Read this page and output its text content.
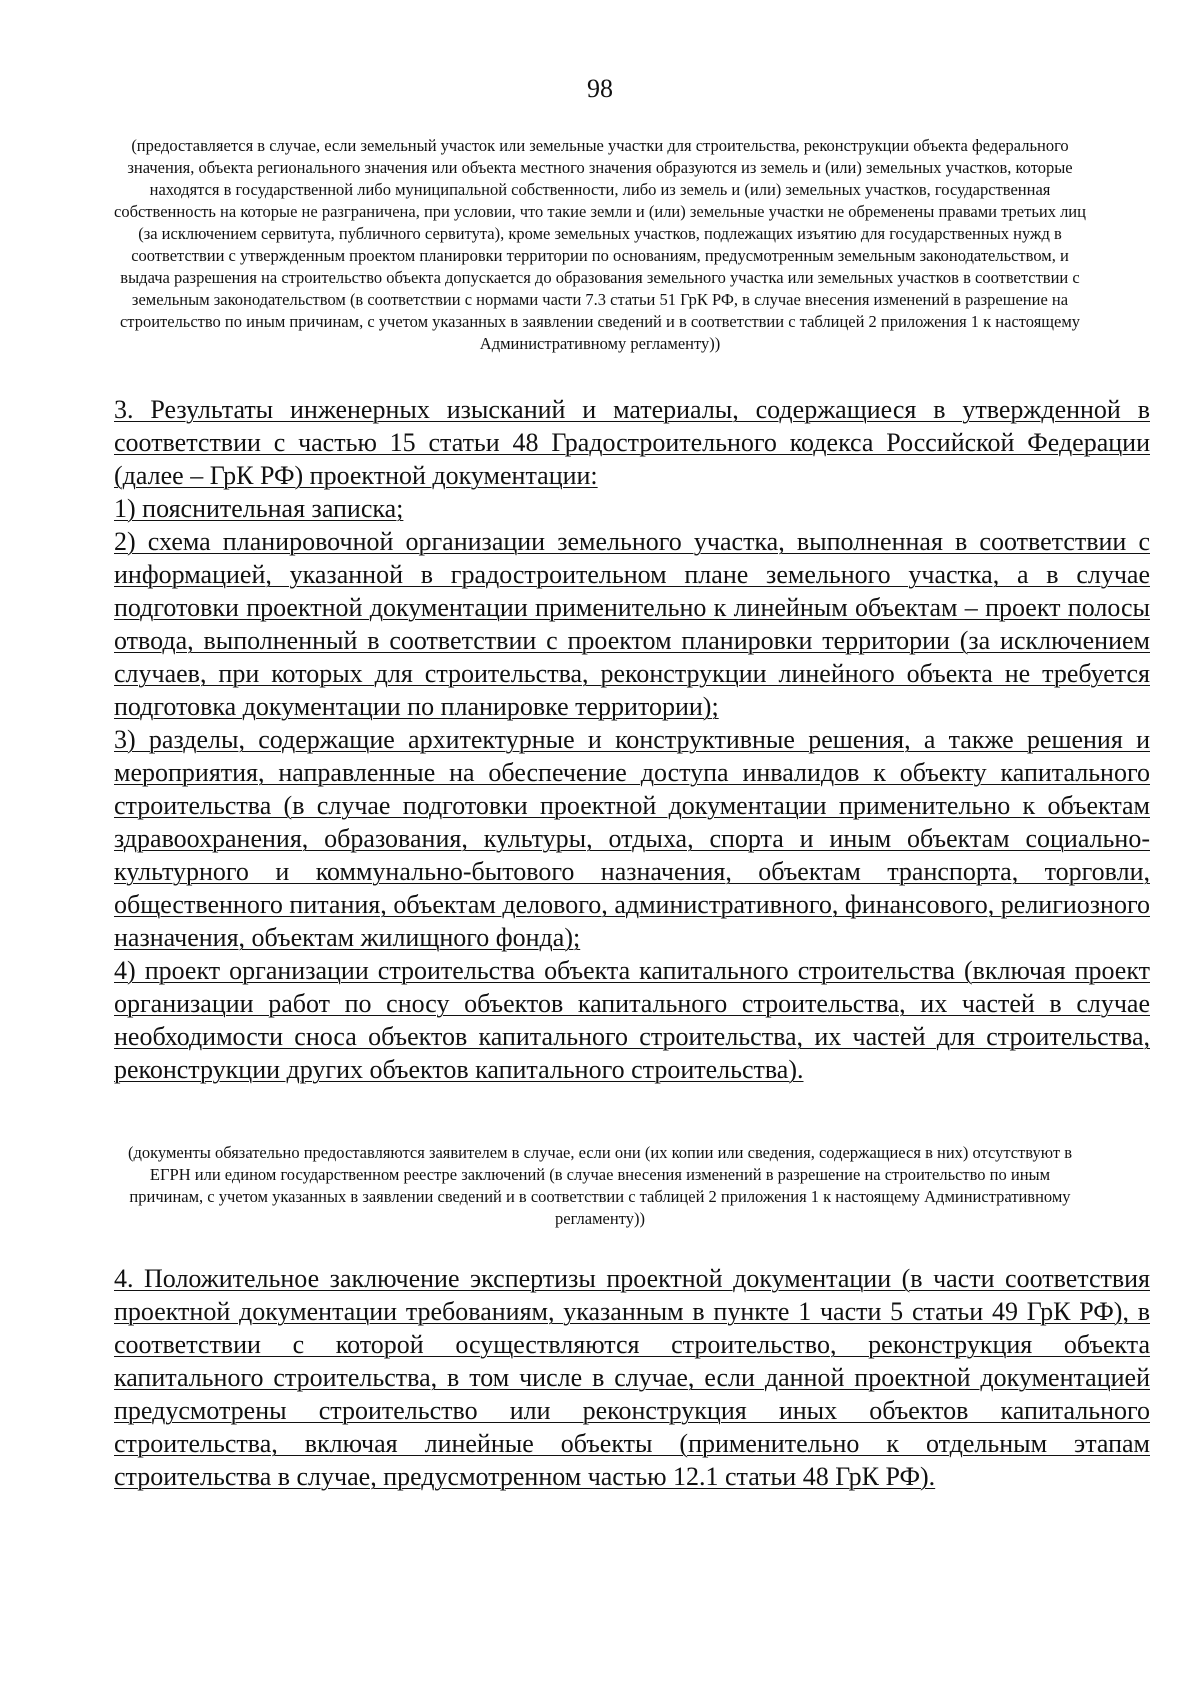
98
(предоставляется в случае, если земельный участок или земельные участки для строительства, реконструкции объекта федерального значения, объекта регионального значения или объекта местного значения образуются из земель и (или) земельных участков, которые находятся в государственной либо муниципальной собственности, либо из земель и (или) земельных участков, государственная собственность на которые не разграничена, при условии, что такие земли и (или) земельные участки не обременены правами третьих лиц (за исключением сервитута, публичного сервитута), кроме земельных участков, подлежащих изъятию для государственных нужд в соответствии с утвержденным проектом планировки территории по основаниям, предусмотренным земельным законодательством, и выдача разрешения на строительство объекта допускается до образования земельного участка или земельных участков в соответствии с земельным законодательством (в соответствии с нормами части 7.3 статьи 51 ГрК РФ, в случае внесения изменений в разрешение на строительство по иным причинам, с учетом указанных в заявлении сведений и в соответствии с таблицей 2 приложения 1 к настоящему Административному регламенту))

3. Результаты инженерных изысканий и материалы, содержащиеся в утвержденной в соответствии с частью 15 статьи 48 Градостроительного кодекса Российской Федерации (далее – ГрК РФ) проектной документации:

1) пояснительная записка;

2) схема планировочной организации земельного участка, выполненная в соответствии с информацией, указанной в градостроительном плане земельного участка, а в случае подготовки проектной документации применительно к линейным объектам – проект полосы отвода, выполненный в соответствии с проектом планировки территории (за исключением случаев, при которых для строительства, реконструкции линейного объекта не требуется подготовка документации по планировке территории);

3) разделы, содержащие архитектурные и конструктивные решения, а также решения и мероприятия, направленные на обеспечение доступа инвалидов к объекту капитального строительства (в случае подготовки проектной документации применительно к объектам здравоохранения, образования, культуры, отдыха, спорта и иным объектам социально-культурного и коммунально-бытового назначения, объектам транспорта, торговли, общественного питания, объектам делового, административного, финансового, религиозного назначения, объектам жилищного фонда);

4) проект организации строительства объекта капитального строительства (включая проект организации работ по сносу объектов капитального строительства, их частей в случае необходимости сноса объектов капитального строительства, их частей для строительства, реконструкции других объектов капитального строительства).

(документы обязательно предоставляются заявителем в случае, если они (их копии или сведения, содержащиеся в них) отсутствуют в ЕГРН или едином государственном реестре заключений (в случае внесения изменений в разрешение на строительство по иным причинам, с учетом указанных в заявлении сведений и в соответствии с таблицей 2 приложения 1 к настоящему Административному регламенту))

4. Положительное заключение экспертизы проектной документации (в части соответствия проектной документации требованиям, указанным в пункте 1 части 5 статьи 49 ГрК РФ), в соответствии с которой осуществляются строительство, реконструкция объекта капитального строительства, в том числе в случае, если данной проектной документацией предусмотрены строительство или реконструкция иных объектов капитального строительства, включая линейные объекты (применительно к отдельным этапам строительства в случае, предусмотренном частью 12.1 статьи 48 ГрК РФ).
